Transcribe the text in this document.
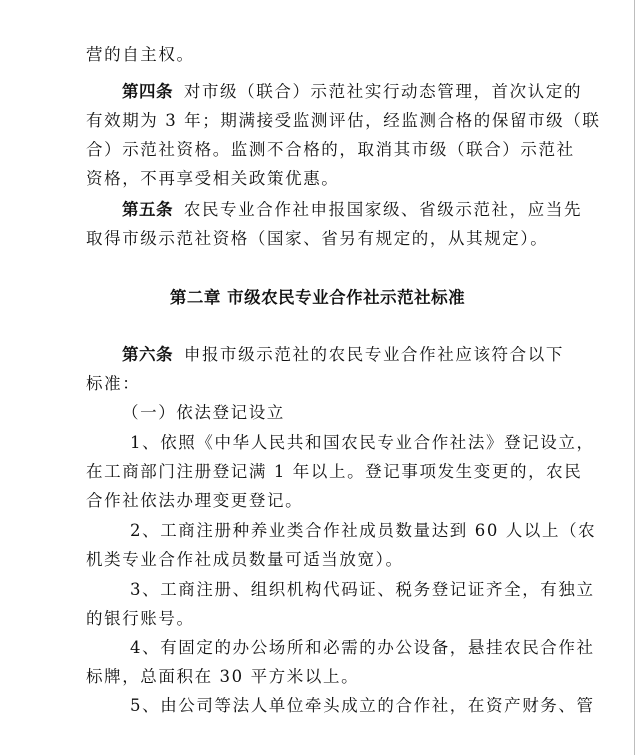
营的自主权。
第四条 对市级（联合）示范社实行动态管理，首次认定的
有效期为 3 年；期满接受监测评估，经监测合格的保留市级（联
合）示范社资格。监测不合格的，取消其市级（联合）示范社
资格，不再享受相关政策优惠。
第五条 农民专业合作社申报国家级、省级示范社，应当先
取得市级示范社资格（国家、省另有规定的，从其规定）。
第二章 市级农民专业合作社示范社标准
第六条 申报市级示范社的农民专业合作社应该符合以下
标准：
（一）依法登记设立
1、依照《中华人民共和国农民专业合作社法》登记设立，
在工商部门注册登记满 1 年以上。登记事项发生变更的，农民
合作社依法办理变更登记。
2、工商注册种养业类合作社成员数量达到 60 人以上（农
机类专业合作社成员数量可适当放宽）。
3、工商注册、组织机构代码证、税务登记证齐全，有独立
的银行账号。
4、有固定的办公场所和必需的办公设备，悬挂农民合作社
标牌，总面积在 30 平方米以上。
5、由公司等法人单位牵头成立的合作社，在资产财务、管
